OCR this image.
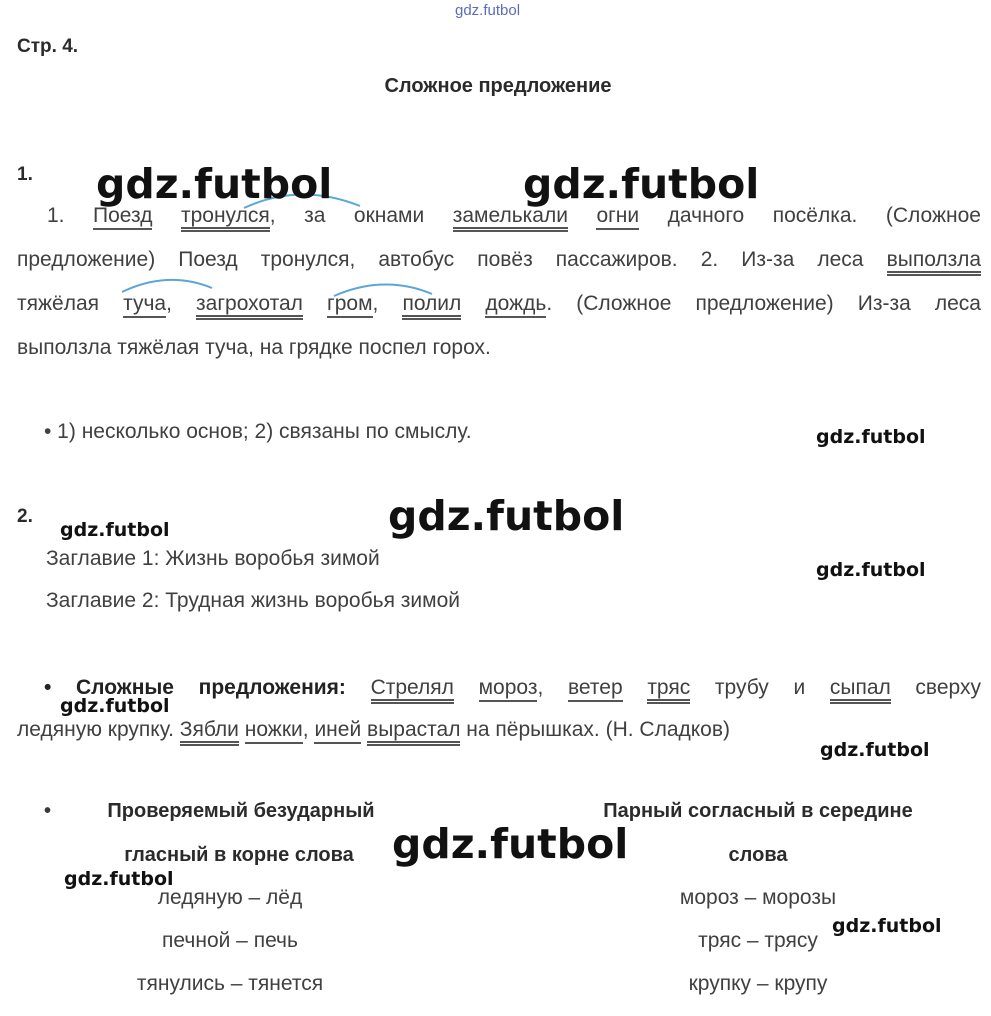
gdz.futbol
Стр. 4.
Сложное предложение
1.
1. Поезд тронулся, за окнами замелькали огни дачного посёлка. (Сложное
предложение) Поезд тронулся, автобус повёз пассажиров. 2. Из-за леса выползла
тяжёлая туча, загрохотал гром, полил дождь. (Сложное предложение) Из-за леса
выползла тяжёлая туча, на грядке поспел горох.
• 1) несколько основ; 2) связаны по смыслу.
2.
Заглавие 1: Жизнь воробья зимой
Заглавие 2: Трудная жизнь воробья зимой
• Сложные предложения: Стрелял мороз, ветер тряс трубу и сыпал сверху
ледяную крупку. Зябли ножки, иней вырастал на пёрышках. (Н. Сладков)
•	Проверяемый безударный
гласный в корне слова
Парный согласный в середине
слова
ледяную – лёд
печной – печь
тянулись – тянется
мороз – морозы
тряс – трясу
крупку – крупу
gdz.futbol	gdz.futbol
gdz.futbol
gdz.futbol
gdz.futbol
gdz.futbol
gdz.futbol
gdz.futbol
gdz.futbol
gdz.futbol
gdz.futbol
